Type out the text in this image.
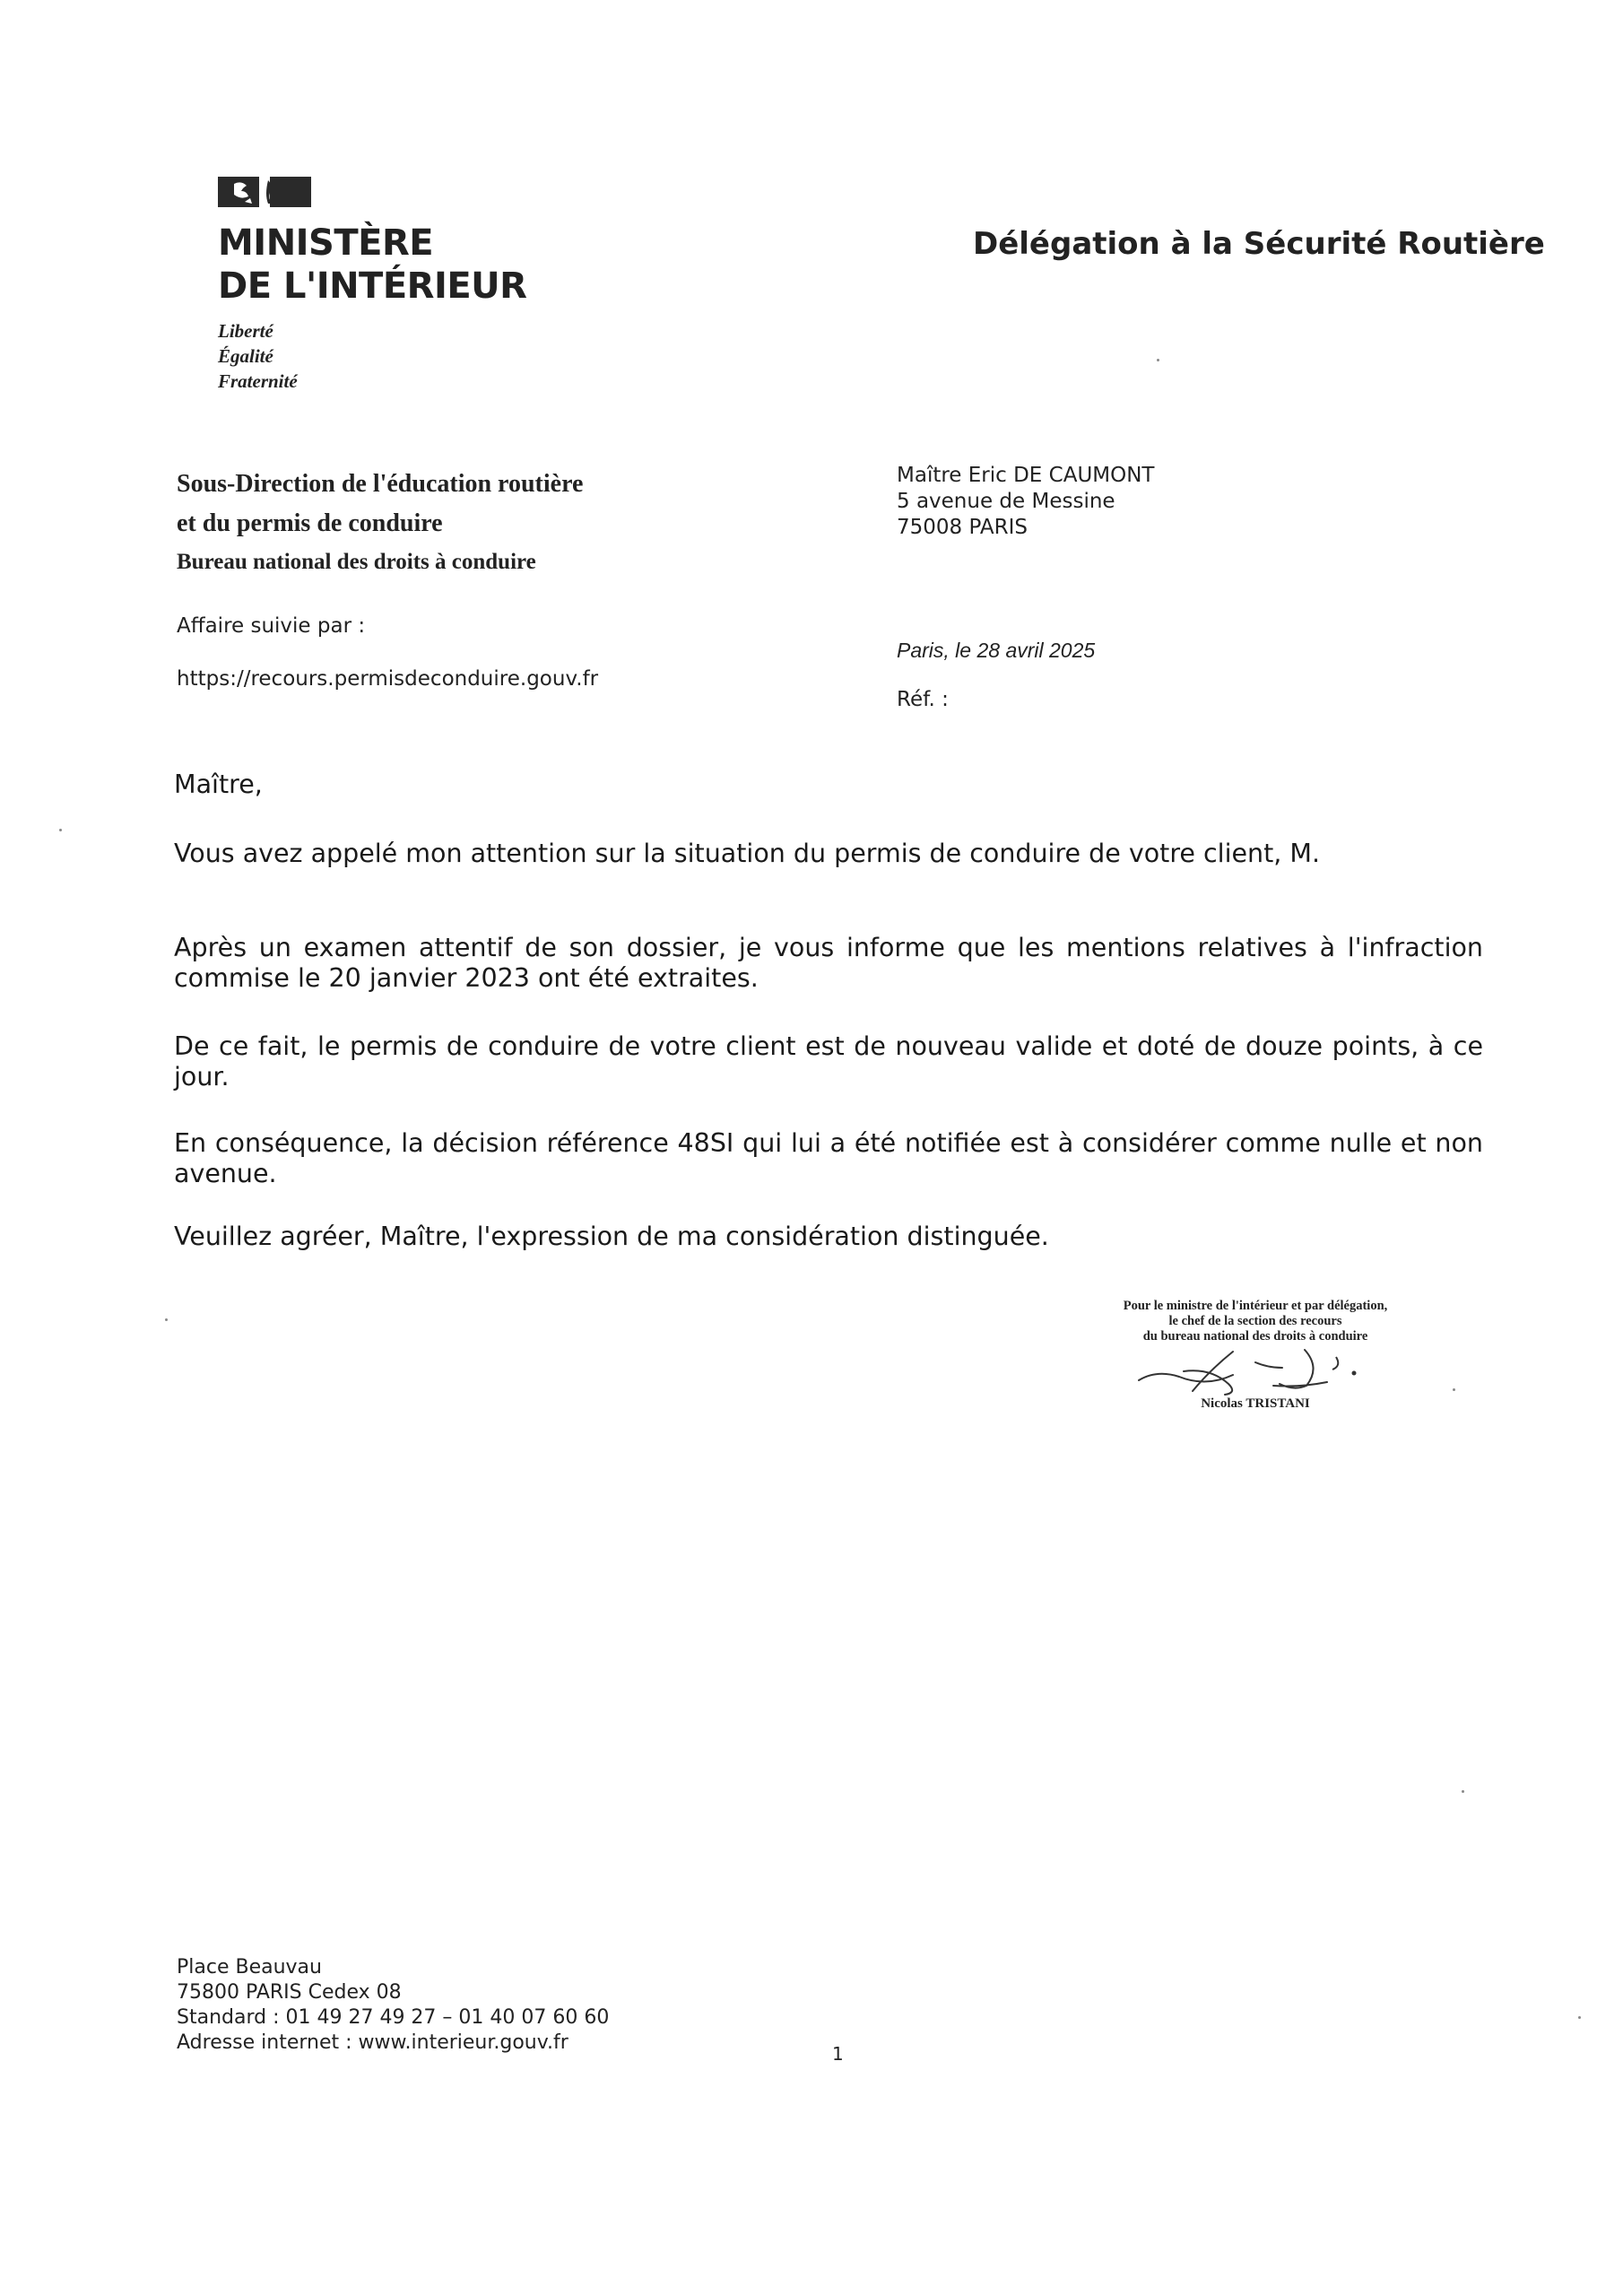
MINISTÈRE
DE L'INTÉRIEUR
Liberté
Égalité
Fraternité
Délégation à la Sécurité Routière
Sous-Direction de l'éducation routière
et du permis de conduire
Bureau national des droits à conduire
Affaire suivie par :
https://recours.permisdeconduire.gouv.fr
Maître Eric DE CAUMONT
5 avenue de Messine
75008 PARIS
Paris, le 28 avril 2025
Réf. :
Maître,
Vous avez appelé mon attention sur la situation du permis de conduire de votre client, M.
Après un examen attentif de son dossier, je vous informe que les mentions relatives à l'infraction commise le 20 janvier 2023 ont été extraites.
De ce fait, le permis de conduire de votre client est de nouveau valide et doté de douze points, à ce jour.
En conséquence, la décision référence 48SI qui lui a été notifiée est à considérer comme nulle et non avenue.
Veuillez agréer, Maître, l'expression de ma considération distinguée.
Pour le ministre de l'intérieur et par délégation,
le chef de la section des recours
du bureau national des droits à conduire
Nicolas TRISTANI
Place Beauvau
75800 PARIS Cedex 08
Standard : 01 49 27 49 27 – 01 40 07 60 60
Adresse internet : www.interieur.gouv.fr	1
